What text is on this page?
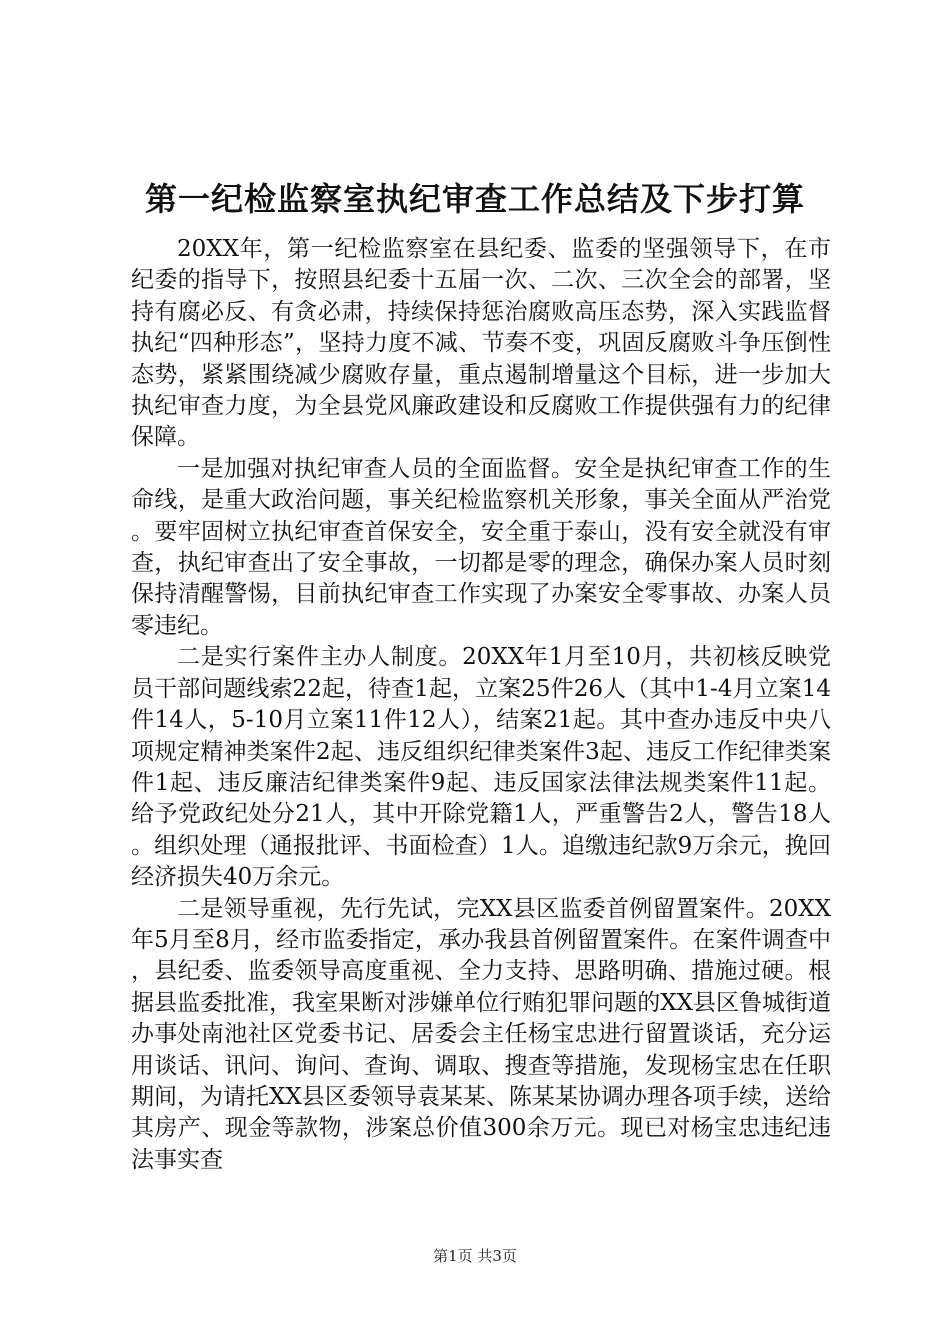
第一纪检监察室执纪审查工作总结及下步打算

20XX年，第一纪检监察室在县纪委、监委的坚强领导下，在市纪委的指导下，按照县纪委十五届一次、二次、三次全会的部署，坚持有腐必反、有贪必肃，持续保持惩治腐败高压态势，深入实践监督执纪“四种形态”，坚持力度不减、节奏不变，巩固反腐败斗争压倒性态势，紧紧围绕减少腐败存量，重点遏制增量这个目标，进一步加大执纪审查力度，为全县党风廉政建设和反腐败工作提供强有力的纪律保障。

一是加强对执纪审查人员的全面监督。安全是执纪审查工作的生命线，是重大政治问题，事关纪检监察机关形象，事关全面从严治党。要牢固树立执纪审查首保安全，安全重于泰山，没有安全就没有审查，执纪审查出了安全事故，一切都是零的理念，确保办案人员时刻保持清醒警惕，目前执纪审查工作实现了办案安全零事故、办案人员零违纪。

二是实行案件主办人制度。20XX年1月至10月，共初核反映党员干部问题线索22起，待查1起，立案25件26人（其中1-4月立案14件14人，5-10月立案11件12人），结案21起。其中查办违反中央八项规定精神类案件2起、违反组织纪律类案件3起、违反工作纪律类案件1起、违反廉洁纪律类案件9起、违反国家法律法规类案件11起。给予党政纪处分21人，其中开除党籍1人，严重警告2人，警告18人。组织处理（通报批评、书面检查）1人。追缴违纪款9万余元，挽回经济损失40万余元。

二是领导重视，先行先试，完XX县区监委首例留置案件。20XX年5月至8月，经市监委指定，承办我县首例留置案件。在案件调查中，县纪委、监委领导高度重视、全力支持、思路明确、措施过硬。根据县监委批准，我室果断对涉嫌单位行贿犯罪问题的XX县区鲁城街道办事处南池社区党委书记、居委会主任杨宝忠进行留置谈话，充分运用谈话、讯问、询问、查询、调取、搜查等措施，发现杨宝忠在任职期间，为请托XX县区委领导袁某某、陈某某协调办理各项手续，送给其房产、现金等款物，涉案总价值300余万元。现已对杨宝忠违纪违法事实查

第1页 共3页
